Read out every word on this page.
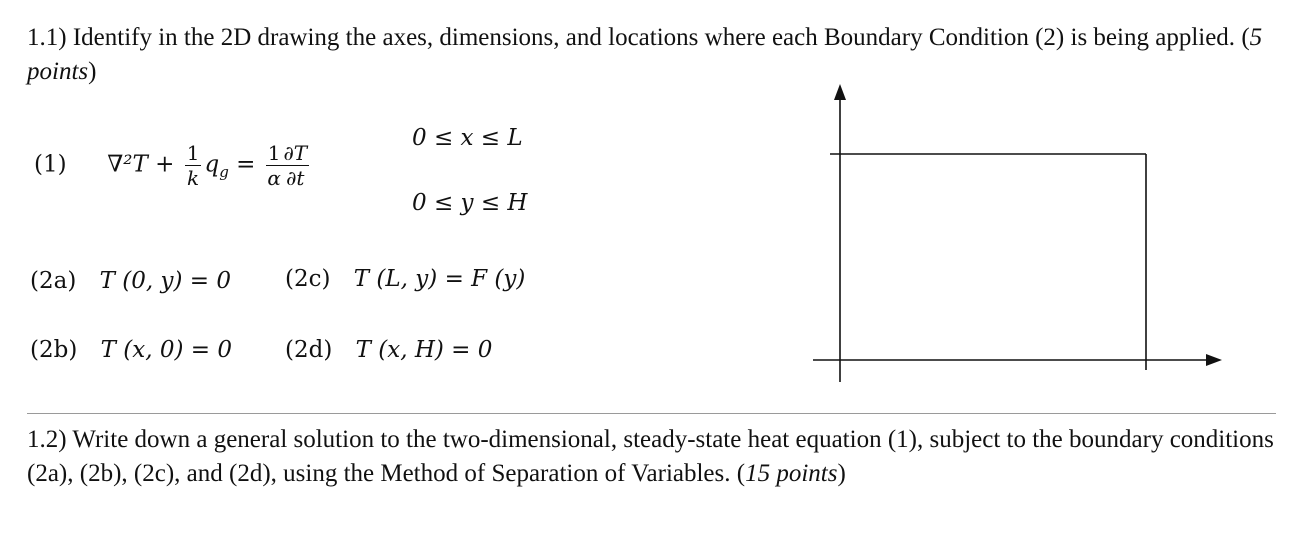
1.1) Identify in the 2D drawing the axes, dimensions, and locations where each Boundary Condition (2) is being applied. (5 points)
(1) $\nabla^2T + \frac{1}{k} q_g = \frac{1}{\alpha} \frac{\partial T}{\partial t}$
0 ≤ x ≤ L
0 ≤ y ≤ H
(2a) T (0, y) = 0
(2b) T (x, 0) = 0
(2c) T (L, y) = F (y)
(2d) T (x, H) = 0
1.2) Write down a general solution to the two-dimensional, steady-state heat equation (1), subject to the boundary conditions (2a), (2b), (2c), and (2d), using the Method of Separation of Variables. (15 points)
